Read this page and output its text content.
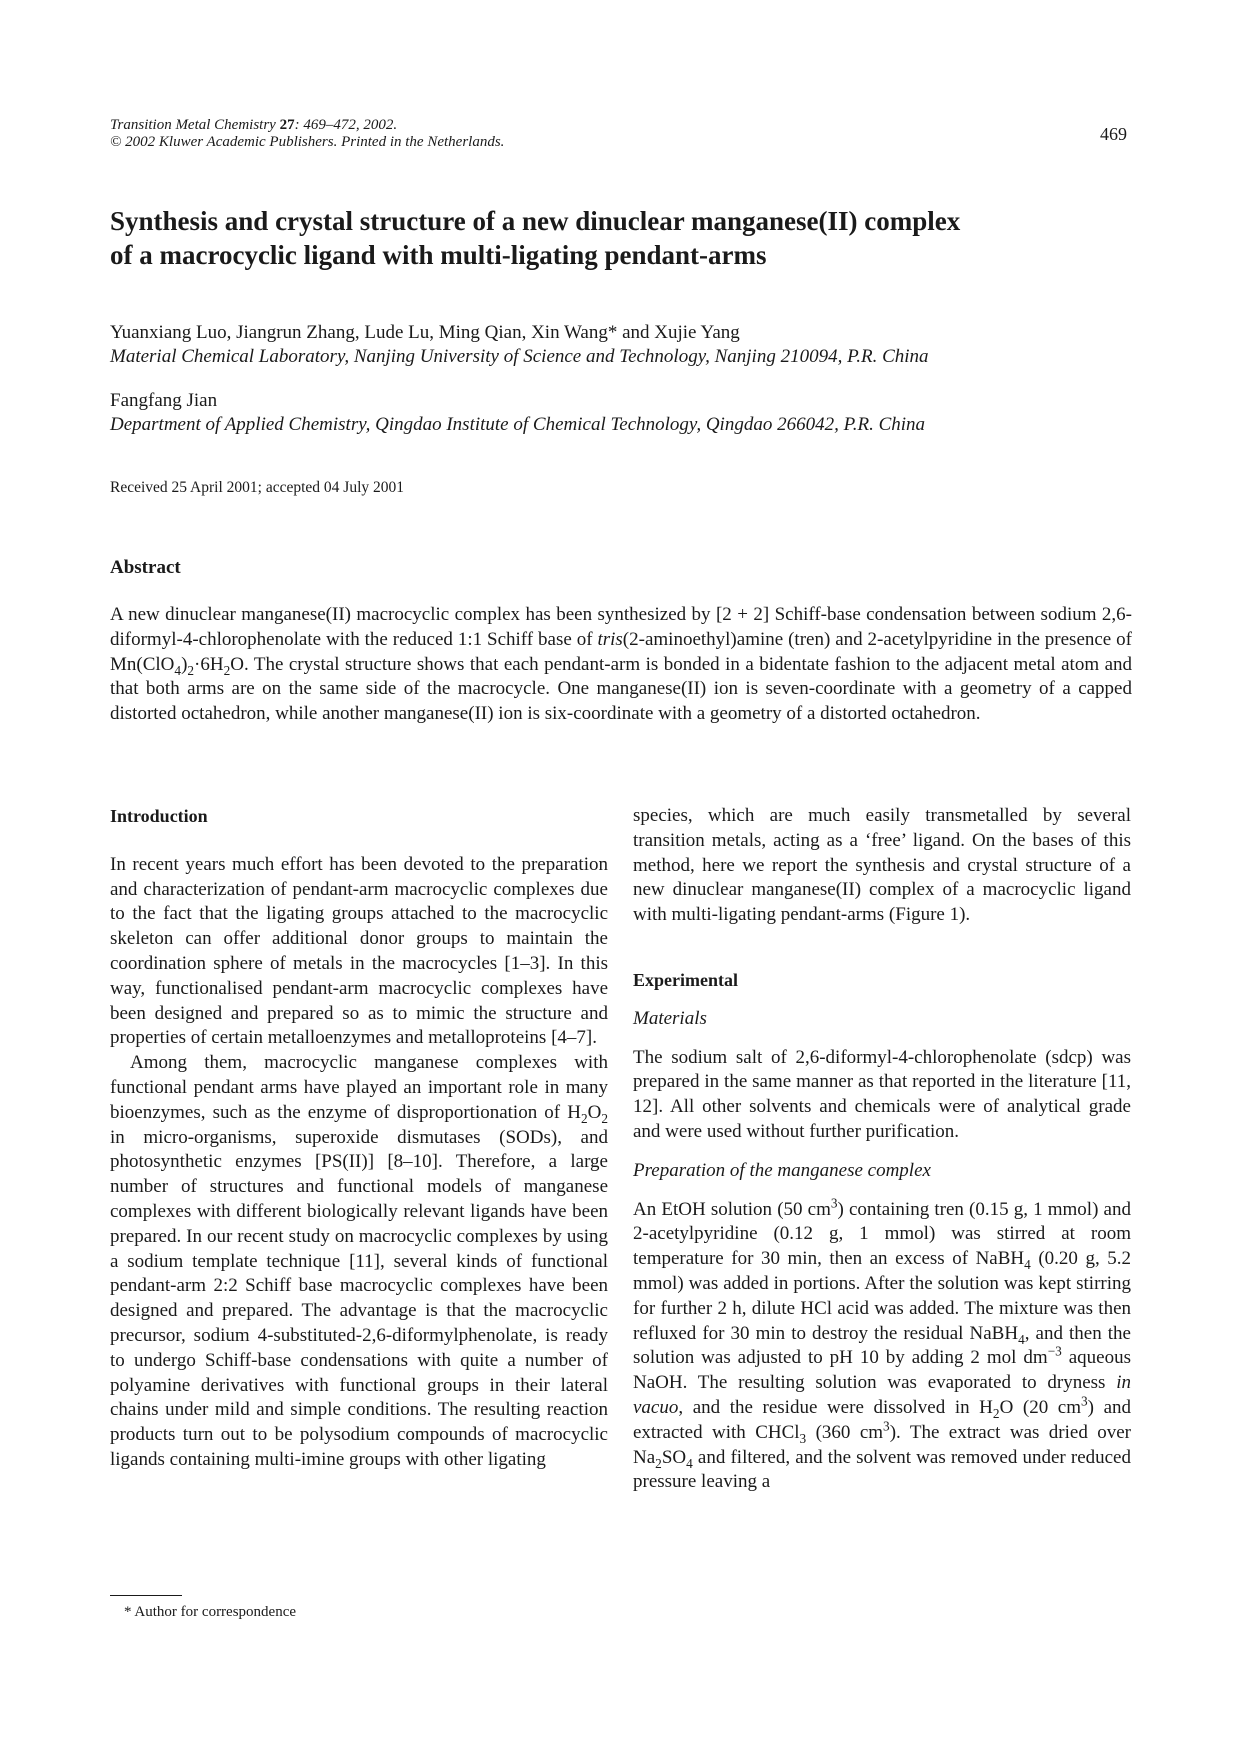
Transition Metal Chemistry 27: 469–472, 2002.
© 2002 Kluwer Academic Publishers. Printed in the Netherlands.	469
Synthesis and crystal structure of a new dinuclear manganese(II) complex
of a macrocyclic ligand with multi-ligating pendant-arms
Yuanxiang Luo, Jiangrun Zhang, Lude Lu, Ming Qian, Xin Wang* and Xujie Yang
Material Chemical Laboratory, Nanjing University of Science and Technology, Nanjing 210094, P.R. China
Fangfang Jian
Department of Applied Chemistry, Qingdao Institute of Chemical Technology, Qingdao 266042, P.R. China
Received 25 April 2001; accepted 04 July 2001
Abstract
A new dinuclear manganese(II) macrocyclic complex has been synthesized by [2 + 2] Schiff-base condensation between sodium 2,6-diformyl-4-chlorophenolate with the reduced 1:1 Schiff base of tris(2-aminoethyl)amine (tren) and 2-acetylpyridine in the presence of $Mn(ClO_4)_2\cdot 6H_2O$. The crystal structure shows that each pendant-arm is bonded in a bidentate fashion to the adjacent metal atom and that both arms are on the same side of the macrocycle. One manganese(II) ion is seven-coordinate with a geometry of a capped distorted octahedron, while another manganese(II) ion is six-coordinate with a geometry of a distorted octahedron.

Introduction

In recent years much effort has been devoted to the preparation and characterization of pendant-arm macrocyclic complexes due to the fact that the ligating groups attached to the macrocyclic skeleton can offer additional donor groups to maintain the coordination sphere of metals in the macrocycles [1–3]. In this way, functionalised pendant-arm macrocyclic complexes have been designed and prepared so as to mimic the structure and properties of certain metalloenzymes and metalloproteins [4–7].

Among them, macrocyclic manganese complexes with functional pendant arms have played an important role in many bioenzymes, such as the enzyme of disproportionation of $H_2O_2$ in micro-organisms, superoxide dismutases (SODs), and photosynthetic enzymes [PS(II)] [8–10]. Therefore, a large number of structures and functional models of manganese complexes with different biologically relevant ligands have been prepared. In our recent study on macrocyclic complexes by using a sodium template technique [11], several kinds of functional pendant-arm 2:2 Schiff base macrocyclic complexes have been designed and prepared. The advantage is that the macrocyclic precursor, sodium 4-substituted-2,6-diformylphenolate, is ready to undergo Schiff-base condensations with quite a number of polyamine derivatives with functional groups in their lateral chains under mild and simple conditions. The resulting reaction products turn out to be polysodium compounds of macrocyclic ligands containing multi-imine groups with other ligating

species, which are much easily transmetalled by several transition metals, acting as a ‘free’ ligand. On the bases of this method, here we report the synthesis and crystal structure of a new dinuclear manganese(II) complex of a macrocyclic ligand with multi-ligating pendant-arms (Figure 1).

Experimental

Materials

The sodium salt of 2,6-diformyl-4-chlorophenolate (sdcp) was prepared in the same manner as that reported in the literature [11, 12]. All other solvents and chemicals were of analytical grade and were used without further purification.

Preparation of the manganese complex

An EtOH solution (50 $cm^3$) containing tren (0.15 g, 1 mmol) and 2-acetylpyridine (0.12 g, 1 mmol) was stirred at room temperature for 30 min, then an excess of NaBH$_4$ (0.20 g, 5.2 mmol) was added in portions. After the solution was kept stirring for further 2 h, dilute HCl acid was added. The mixture was then refluxed for 30 min to destroy the residual NaBH$_4$, and then the solution was adjusted to pH 10 by adding 2 mol $dm^{-3}$ aqueous NaOH. The resulting solution was evaporated to dryness in vacuo, and the residue were dissolved in $H_2O$ (20 $cm^3$) and extracted with CHCl$_3$ (360 $cm^3$). The extract was dried over $Na_2SO_4$ and filtered, and the solvent was removed under reduced pressure leaving a

* Author for correspondence
